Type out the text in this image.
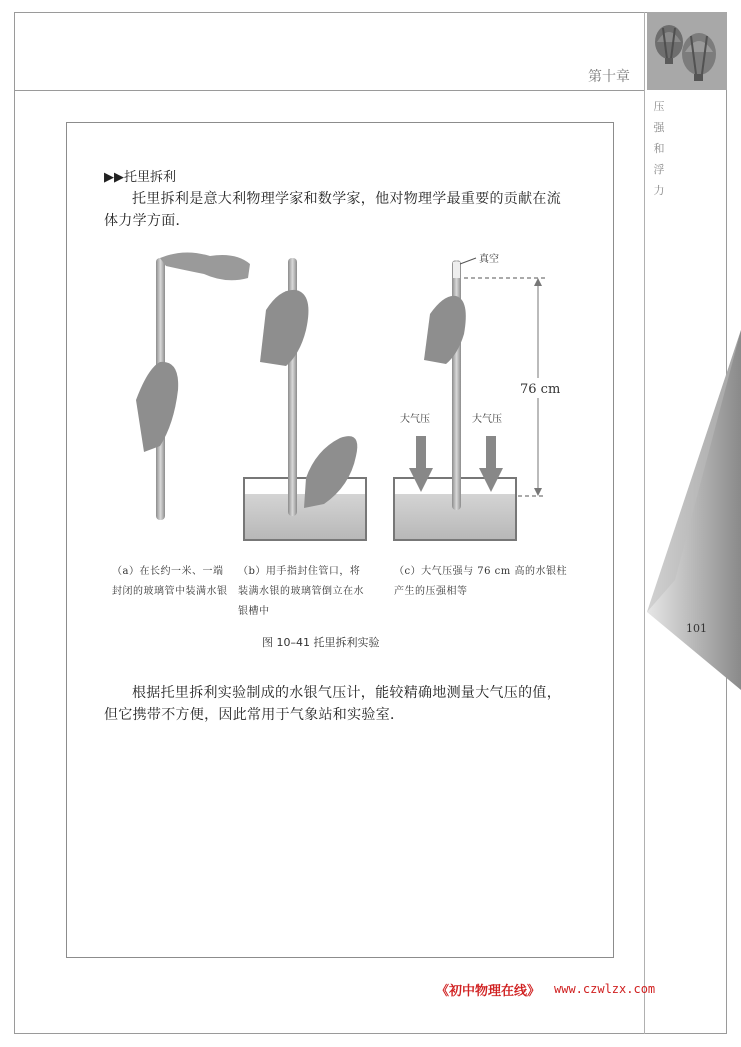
第十章
压
强
和
浮
力
101
▶▶托里拆利
托里拆利是意大利物理学家和数学家，他对物理学最重要的贡献在流体力学方面．
真空
76 cm
大气压	大气压
（a）在长约一米、一端封闭的玻璃管中装满水银
（b）用手指封住管口，将装满水银的玻璃管倒立在水银槽中
（c）大气压强与 76 cm 高的水银柱产生的压强相等
图 10–41 托里拆利实验
根据托里拆利实验制成的水银气压计，能较精确地测量大气压的值，但它携带不方便，因此常用于气象站和实验室．
《初中物理在线》 www.czwlzx.com
